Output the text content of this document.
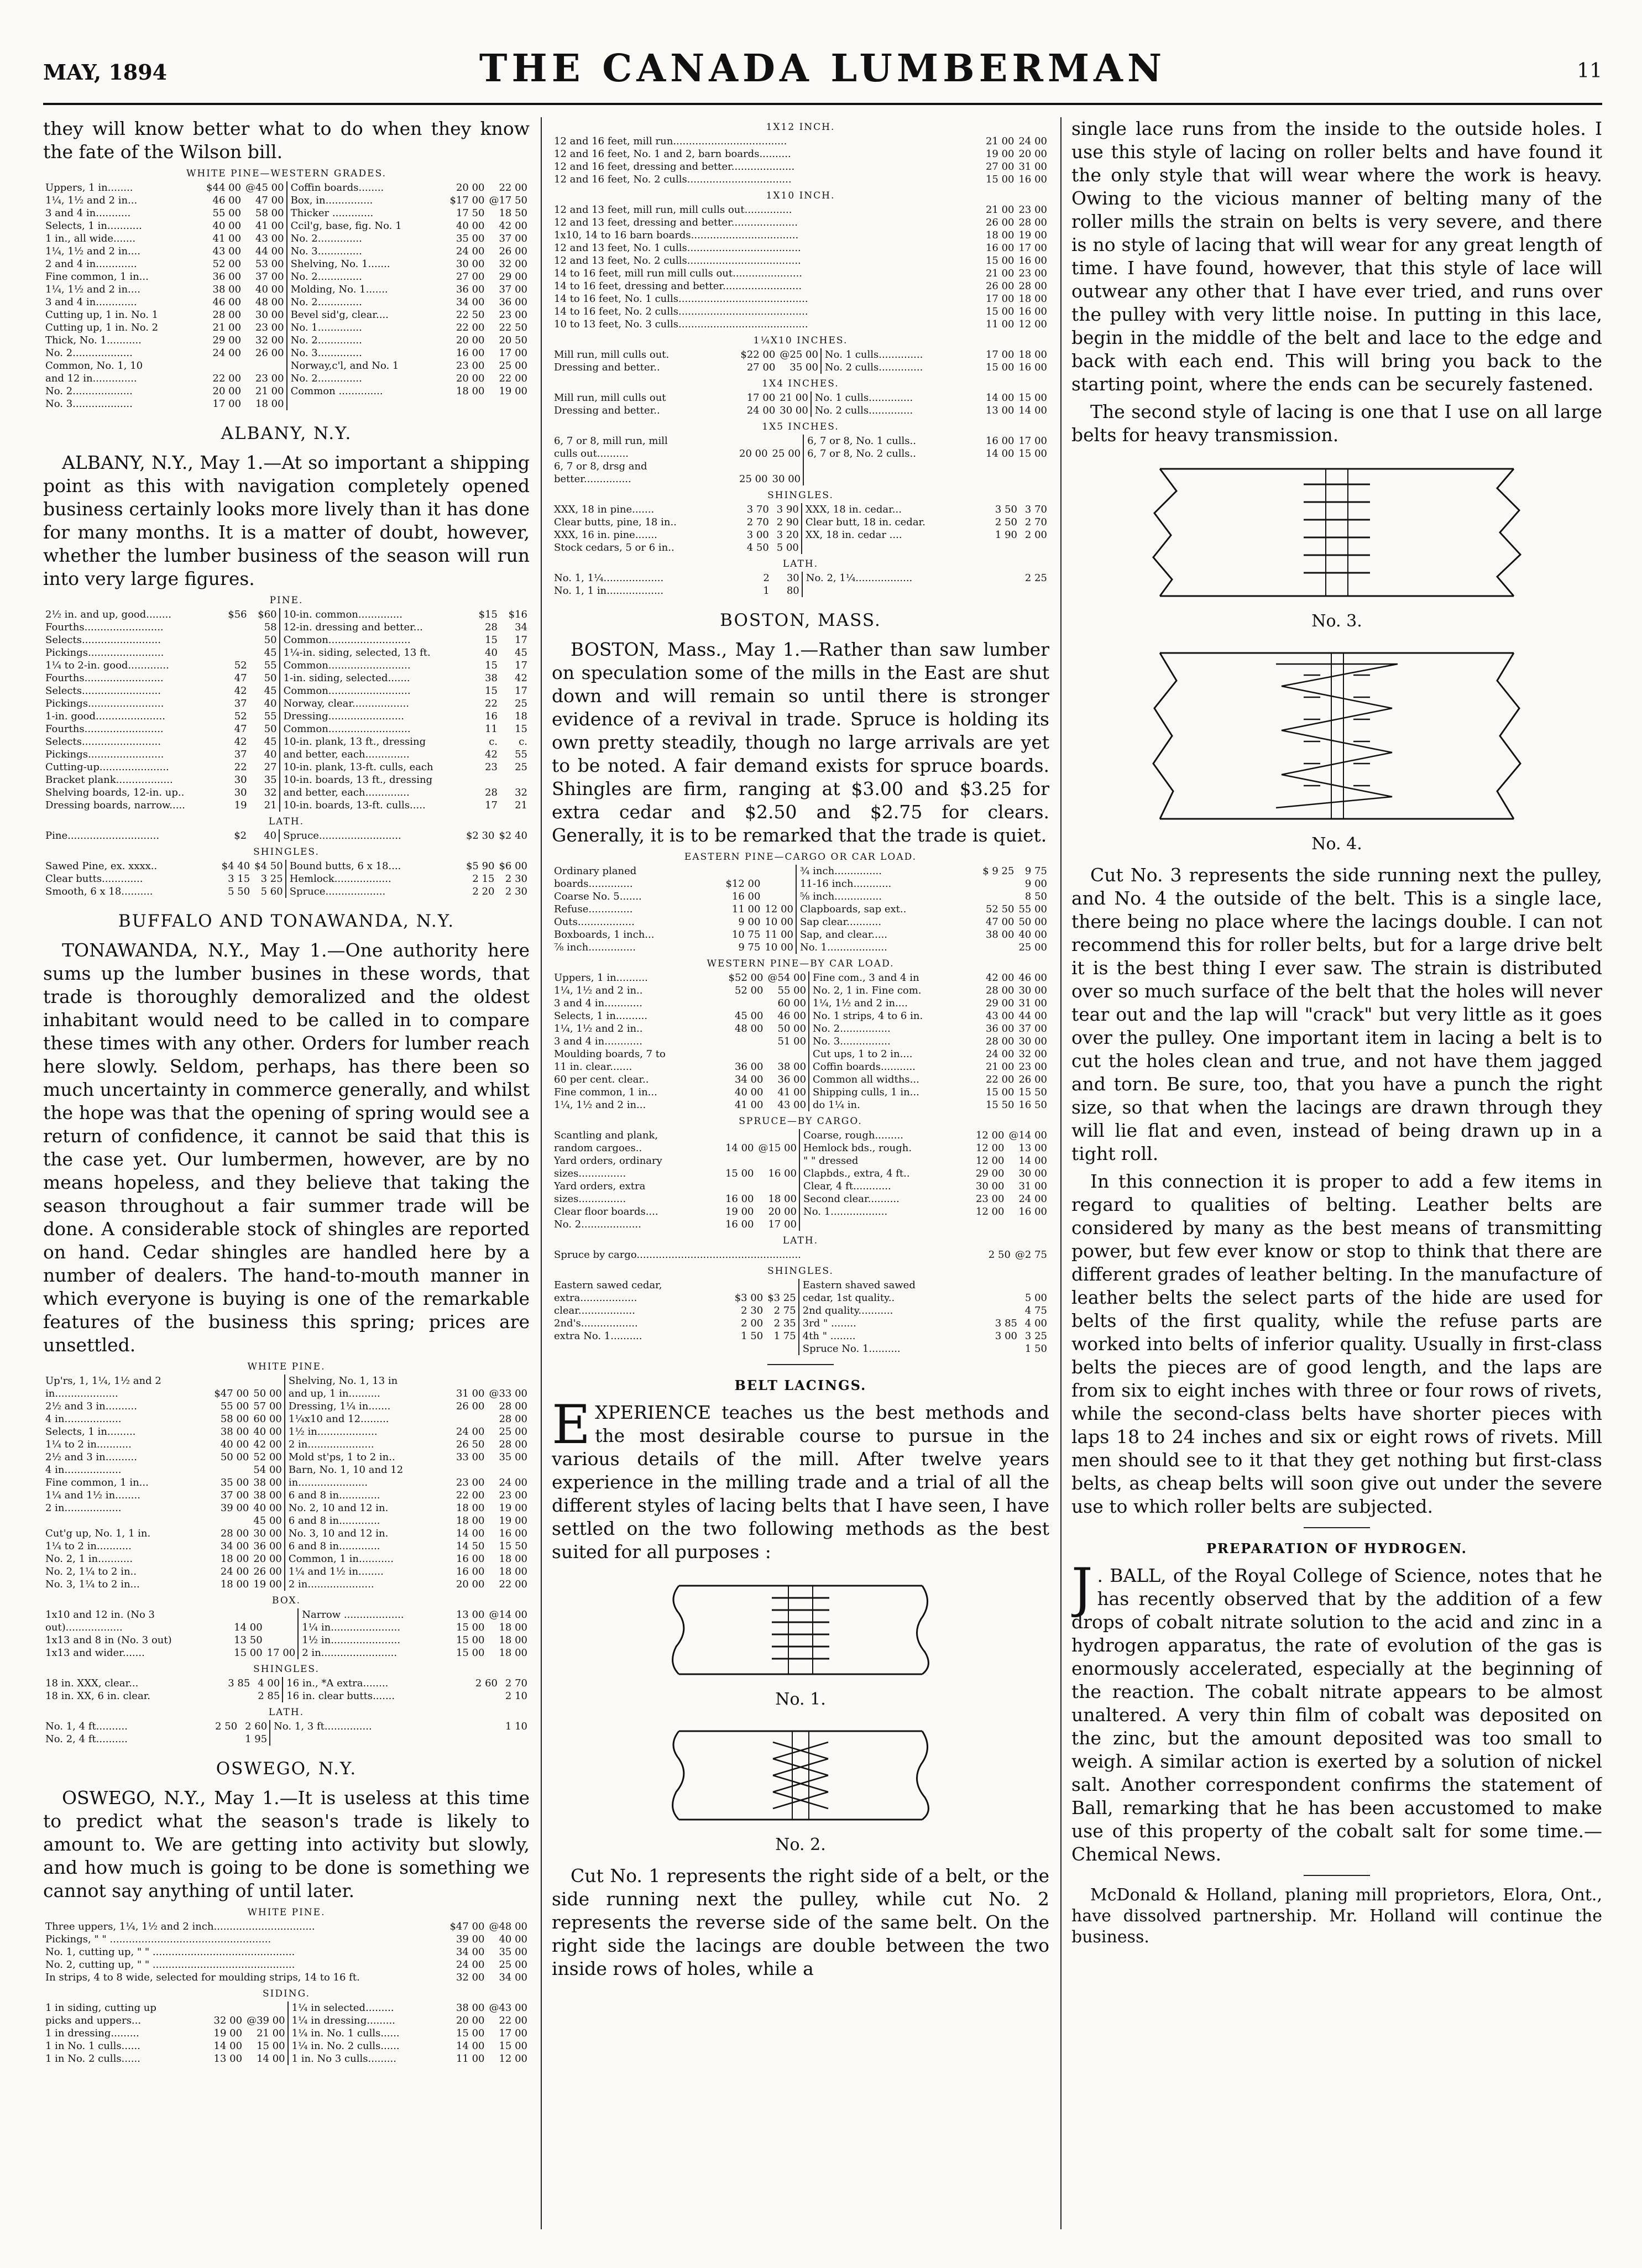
MAY, 1894	THE CANADA LUMBERMAN	11

they will know better what to do when they know the fate of the Wilson bill.

WHITE PINE—WESTERN GRADES.
Uppers, 1 in........	$44 00	@45 00	Coffin boards........	20 00	22 00
1¼, 1½ and 2 in...	46 00	47 00	Box, in...............	$17 00	@17 50
3 and 4 in...........	55 00	58 00	Thicker .............	17 50	18 50
Selects, 1 in...........	40 00	41 00	Ccil'g, base, fig. No. 1	40 00	42 00
1 in., all wide.......	41 00	43 00	No. 2..............	35 00	37 00
1¼, 1½ and 2 in....	43 00	44 00	No. 3..............	24 00	26 00
2 and 4 in.............	52 00	53 00	Shelving, No. 1.......	30 00	32 00
Fine common, 1 in...	36 00	37 00	No. 2..............	27 00	29 00
1¼, 1½ and 2 in....	38 00	40 00	Molding, No. 1.......	36 00	37 00
3 and 4 in.............	46 00	48 00	No. 2..............	34 00	36 00
Cutting up, 1 in. No. 1	28 00	30 00	Bevel sid'g, clear....	22 50	23 00
Cutting up, 1 in. No. 2	21 00	23 00	No. 1..............	22 00	22 50
Thick, No. 1...........	29 00	32 00	No. 2..............	20 00	20 50
No. 2...................	24 00	26 00	No. 3..............	16 00	17 00
Common, No. 1, 10			Norway,c'l, and No. 1	23 00	25 00
and 12 in..............	22 00	23 00	No. 2..............	20 00	22 00
No. 2...................	20 00	21 00	Common ..............	18 00	19 00
No. 3...................	17 00	18 00			
ALBANY, N.Y.

ALBANY, N.Y., May 1.—At so important a shipping point as this with navigation completely opened business certainly looks more lively than it has done for many months. It is a matter of doubt, however, whether the lumber business of the season will run into very large figures.

PINE.
2½ in. and up, good........	$56	$60	10-in. common..............	$15	$16
Fourths.........................		58	12-in. dressing and better...	28	34
Selects.........................		50	Common..........................	15	17
Pickings........................		45	1¼-in. siding, selected, 13 ft.	40	45
1¼ to 2-in. good.............	52	55	Common..........................	15	17
Fourths.........................	47	50	1-in. siding, selected.......	38	42
Selects.........................	42	45	Common..........................	15	17
Pickings........................	37	40	Norway, clear..................	22	25
1-in. good......................	52	55	Dressing........................	16	18
Fourths.........................	47	50	Common..........................	11	15
Selects.........................	42	45	10-in. plank, 13 ft., dressing	c.	c.
Pickings........................	37	40	and better, each..............	42	55
Cutting-up......................	22	27	10-in. plank, 13-ft. culls, each	23	25
Bracket plank..................	30	35	10-in. boards, 13 ft., dressing		
Shelving boards, 12-in. up..	30	32	and better, each..............	28	32
Dressing boards, narrow.....	19	21	10-in. boards, 13-ft. culls.....	17	21
LATH.
Pine.............................	$2	40	Spruce..........................	$2 30	$2 40
SHINGLES.
Sawed Pine, ex. xxxx..	$4 40	$4 50	Bound butts, 6 x 18....	$5 90	$6 00
Clear butts.............	3 15	3 25	Hemlock..................	2 15	2 30
Smooth, 6 x 18..........	5 50	5 60	Spruce...................	2 20	2 30
BUFFALO AND TONAWANDA, N.Y.

TONAWANDA, N.Y., May 1.—One authority here sums up the lumber busines in these words, that trade is thoroughly demoralized and the oldest inhabitant would need to be called in to compare these times with any other. Orders for lumber reach here slowly. Seldom, perhaps, has there been so much uncertainty in commerce generally, and whilst the hope was that the opening of spring would see a return of confidence, it cannot be said that this is the case yet. Our lumbermen, however, are by no means hopeless, and they believe that taking the season throughout a fair summer trade will be done. A considerable stock of shingles are reported on hand. Cedar shingles are handled here by a number of dealers. The hand-to-mouth manner in which everyone is buying is one of the remarkable features of the business this spring; prices are unsettled.

WHITE PINE.
Up'rs, 1, 1¼, 1½ and 2			Shelving, No. 1, 13 in		
in....................	$47 00	50 00	and up, 1 in..........	31 00	@33 00
2½ and 3 in..........	55 00	57 00	Dressing, 1¼ in.......	26 00	28 00
4 in..................	58 00	60 00	1¼x10 and 12.........		28 00
Selects, 1 in.........	38 00	40 00	1½ in...................	24 00	25 00
1¼ to 2 in...........	40 00	42 00	2 in.....................	26 50	28 00
2½ and 3 in..........	50 00	52 00	Mold st'ps, 1 to 2 in..	33 00	35 00
4 in..................		54 00	Barn, No. 1, 10 and 12		
Fine common, 1 in...	35 00	38 00	in......................	23 00	24 00
1¼ and 1½ in........	37 00	38 00	6 and 8 in.............	22 00	23 00
2 in..................	39 00	40 00	No. 2, 10 and 12 in.	18 00	19 00
		45 00	6 and 8 in.............	18 00	19 00
Cut'g up, No. 1, 1 in.	28 00	30 00	No. 3, 10 and 12 in.	14 00	16 00
1¼ to 2 in...........	34 00	36 00	6 and 8 in.............	14 50	15 50
No. 2, 1 in...........	18 00	20 00	Common, 1 in...........	16 00	18 00
No. 2, 1¼ to 2 in..	24 00	26 00	1¼ and 1½ in........	16 00	18 00
No. 3, 1¼ to 2 in...	18 00	19 00	2 in.....................	20 00	22 00
BOX.
1x10 and 12 in. (No 3			Narrow ...................	13 00	@14 00
out)..................	14 00		1¼ in......................	15 00	18 00
1x13 and 8 in (No. 3 out)	13 50		1½ in......................	15 00	18 00
1x13 and wider.......	15 00	17 00	2 in........................	15 00	18 00
SHINGLES.
18 in. XXX, clear...	3 85	4 00	16 in., *A extra........	2 60	2 70
18 in. XX, 6 in. clear.		2 85	16 in. clear butts.......		2 10
LATH.
No. 1, 4 ft..........	2 50	2 60	No. 1, 3 ft...............		1 10
No. 2, 4 ft..........		1 95			
OSWEGO, N.Y.

OSWEGO, N.Y., May 1.—It is useless at this time to predict what the season's trade is likely to amount to. We are getting into activity but slowly, and how much is going to be done is something we cannot say anything of until later.

WHITE PINE.
Three uppers, 1¼, 1½ and 2 inch................................	$47 00	@48 00
Pickings, " " ...................................................	39 00	40 00
No. 1, cutting up, " " .............................................	34 00	35 00
No. 2, cutting up, " " .............................................	24 00	25 00
In strips, 4 to 8 wide, selected for moulding strips, 14 to 16 ft.	32 00	34 00
SIDING.
1 in siding, cutting up			1¼ in selected.........	38 00	@43 00
picks and uppers...	32 00	@39 00	1¼ in dressing.........	20 00	22 00
1 in dressing.........	19 00	21 00	1¼ in. No. 1 culls......	15 00	17 00
1 in No. 1 culls......	14 00	15 00	1¼ in. No. 2 culls......	14 00	15 00
1 in No. 2 culls......	13 00	14 00	1 in. No 3 culls.........	11 00	12 00
1X12 INCH.
12 and 16 feet, mill run....................................	21 00	24 00
12 and 16 feet, No. 1 and 2, barn boards..........	19 00	20 00
12 and 16 feet, dressing and better....................	27 00	31 00
12 and 16 feet, No. 2 culls.................................	15 00	16 00
1X10 INCH.
12 and 13 feet, mill run, mill culls out...............	21 00	23 00
12 and 13 feet, dressing and better.....................	26 00	28 00
1x10, 14 to 16 barn boards..................................	18 00	19 00
12 and 13 feet, No. 1 culls....................................	16 00	17 00
12 and 13 feet, No. 2 culls....................................	15 00	16 00
14 to 16 feet, mill run mill culls out......................	21 00	23 00
14 to 16 feet, dressing and better.........................	26 00	28 00
14 to 16 feet, No. 1 culls.........................................	17 00	18 00
14 to 16 feet, No. 2 culls.........................................	15 00	16 00
10 to 13 feet, No. 3 culls.........................................	11 00	12 00
1¼X10 INCHES.
Mill run, mill culls out.	$22 00	@25 00	No. 1 culls..............	17 00	18 00
Dressing and better..	27 00	35 00	No. 2 culls..............	15 00	16 00
1X4 INCHES.
Mill run, mill culls out	17 00	21 00	No. 1 culls..............	14 00	15 00
Dressing and better..	24 00	30 00	No. 2 culls..............	13 00	14 00
1X5 INCHES.
6, 7 or 8, mill run, mill			6, 7 or 8, No. 1 culls..	16 00	17 00
culls out..........	20 00	25 00	6, 7 or 8, No. 2 culls..	14 00	15 00
6, 7 or 8, drsg and					
better...............	25 00	30 00			
SHINGLES.
XXX, 18 in pine.......	3 70	3 90	XXX, 18 in. cedar...	3 50	3 70
Clear butts, pine, 18 in..	2 70	2 90	Clear butt, 18 in. cedar.	2 50	2 70
XXX, 16 in. pine.......	3 00	3 20	XX, 18 in. cedar ....	1 90	2 00
Stock cedars, 5 or 6 in..	4 50	5 00			
LATH.
No. 1, 1¼...................	2	30	No. 2, 1¼..................		2 25
No. 1, 1 in..................	1	80			
BOSTON, MASS.

BOSTON, Mass., May 1.—Rather than saw lumber on speculation some of the mills in the East are shut down and will remain so until there is stronger evidence of a revival in trade. Spruce is holding its own pretty steadily, though no large arrivals are yet to be noted. A fair demand exists for spruce boards. Shingles are firm, ranging at $3.00 and $3.25 for extra cedar and $2.50 and $2.75 for clears. Generally, it is to be remarked that the trade is quiet.

EASTERN PINE—CARGO OR CAR LOAD.
Ordinary planed			¾ inch...............	$ 9 25	9 75
boards..............	$12 00		11-16 inch............		9 00
Coarse No. 5.......	16 00		⅝ inch...............		8 50
Refuse..............	11 00	12 00	Clapboards, sap ext..	52 50	55 00
Outs..................	9 00	10 00	Sap clear...........	47 00	50 00
Boxboards, 1 inch...	10 75	11 00	Sap, and clear.....	38 00	40 00
⅞ inch...............	9 75	10 00	No. 1...................		25 00
WESTERN PINE—BY CAR LOAD.
Uppers, 1 in..........	$52 00	@54 00	Fine com., 3 and 4 in	42 00	46 00
1¼, 1½ and 2 in..	52 00	55 00	No. 2, 1 in. Fine com.	28 00	30 00
3 and 4 in............		60 00	1¼, 1½ and 2 in....	29 00	31 00
Selects, 1 in..........	45 00	46 00	No. 1 strips, 4 to 6 in.	43 00	44 00
1¼, 1½ and 2 in..	48 00	50 00	No. 2................	36 00	37 00
3 and 4 in............		51 00	No. 3................	28 00	30 00
Moulding boards, 7 to			Cut ups, 1 to 2 in....	24 00	32 00
11 in. clear.......	36 00	38 00	Coffin boards...........	21 00	23 00
60 per cent. clear..	34 00	36 00	Common all widths...	22 00	26 00
Fine common, 1 in...	40 00	41 00	Shipping culls, 1 in...	15 00	15 50
1¼, 1½ and 2 in...	41 00	43 00	do 1¼ in.	15 50	16 50
SPRUCE—BY CARGO.
Scantling and plank,			Coarse, rough.........	12 00	@14 00
random cargoes..	14 00	@15 00	Hemlock bds., rough.	12 00	13 00
Yard orders, ordinary			" " dressed	12 00	14 00
sizes...............	15 00	16 00	Clapbds., extra, 4 ft..	29 00	30 00
Yard orders, extra			Clear, 4 ft............	30 00	31 00
sizes...............	16 00	18 00	Second clear..........	23 00	24 00
Clear floor boards....	19 00	20 00	No. 1..................	12 00	16 00
No. 2...................	16 00	17 00			
LATH.
Spruce by cargo....................................................	2 50	@2 75
SHINGLES.
Eastern sawed cedar,			Eastern shaved sawed		
extra..................	$3 00	$3 25	cedar, 1st quality..		5 00
clear..................	2 30	2 75	2nd quality...........		4 75
2nd's..................	2 00	2 35	3rd " ........	3 85	4 00
extra No. 1..........	1 50	1 75	4th " ........	3 00	3 25
			Spruce No. 1..........		1 50
BELT LACINGS.

EXPERIENCE teaches us the best methods and the most desirable course to pursue in the various details of the mill. After twelve years experience in the milling trade and a trial of all the different styles of lacing belts that I have seen, I have settled on the two following methods as the best suited for all purposes :

No. 1.
No. 2.

Cut No. 1 represents the right side of a belt, or the side running next the pulley, while cut No. 2 represents the reverse side of the same belt. On the right side the lacings are double between the two inside rows of holes, while a

single lace runs from the inside to the outside holes. I use this style of lacing on roller belts and have found it the only style that will wear where the work is heavy. Owing to the vicious manner of belting many of the roller mills the strain on belts is very severe, and there is no style of lacing that will wear for any great length of time. I have found, however, that this style of lace will outwear any other that I have ever tried, and runs over the pulley with very little noise. In putting in this lace, begin in the middle of the belt and lace to the edge and back with each end. This will bring you back to the starting point, where the ends can be securely fastened.

The second style of lacing is one that I use on all large belts for heavy transmission.

No. 3.
No. 4.

Cut No. 3 represents the side running next the pulley, and No. 4 the outside of the belt. This is a single lace, there being no place where the lacings double. I can not recommend this for roller belts, but for a large drive belt it is the best thing I ever saw. The strain is distributed over so much surface of the belt that the holes will never tear out and the lap will "crack" but very little as it goes over the pulley. One important item in lacing a belt is to cut the holes clean and true, and not have them jagged and torn. Be sure, too, that you have a punch the right size, so that when the lacings are drawn through they will lie flat and even, instead of being drawn up in a tight roll.

In this connection it is proper to add a few items in regard to qualities of belting. Leather belts are considered by many as the best means of transmitting power, but few ever know or stop to think that there are different grades of leather belting. In the manufacture of leather belts the select parts of the hide are used for belts of the first quality, while the refuse parts are worked into belts of inferior quality. Usually in first-class belts the pieces are of good length, and the laps are from six to eight inches with three or four rows of rivets, while the second-class belts have shorter pieces with laps 18 to 24 inches and six or eight rows of rivets. Mill men should see to it that they get nothing but first-class belts, as cheap belts will soon give out under the severe use to which roller belts are subjected.

PREPARATION OF HYDROGEN.

J . BALL, of the Royal College of Science, notes that he has recently observed that by the addition of a few drops of cobalt nitrate solution to the acid and zinc in a hydrogen apparatus, the rate of evolution of the gas is enormously accelerated, especially at the beginning of the reaction. The cobalt nitrate appears to be almost unaltered. A very thin film of cobalt was deposited on the zinc, but the amount deposited was too small to weigh. A similar action is exerted by a solution of nickel salt. Another correspondent confirms the statement of Ball, remarking that he has been accustomed to make use of this property of the cobalt salt for some time.—Chemical News.

McDonald & Holland, planing mill proprietors, Elora, Ont., have dissolved partnership. Mr. Holland will continue the business.
